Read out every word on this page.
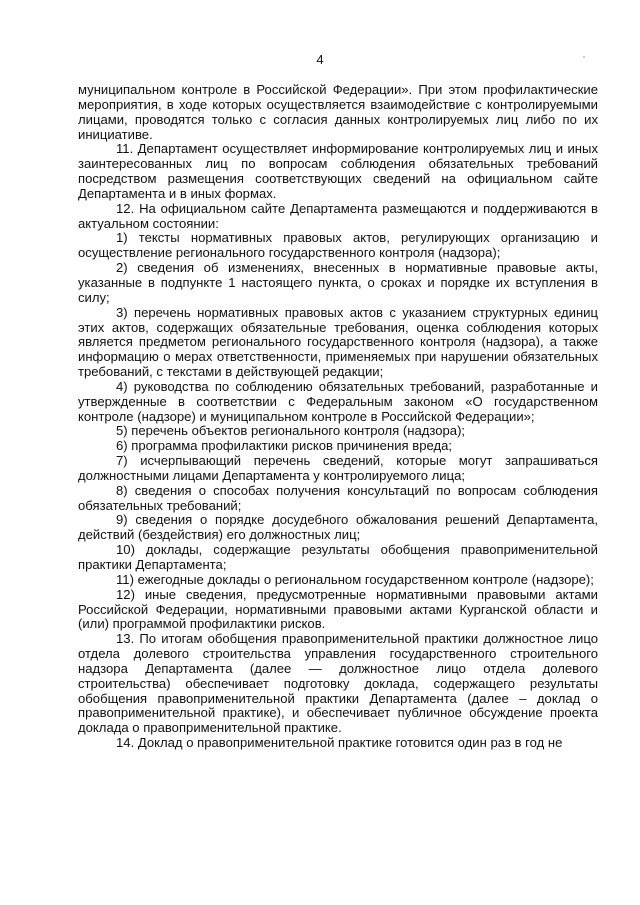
4

муниципальном контроле в Российской Федерации». При этом профилактические мероприятия, в ходе которых осуществляется взаимодействие с контролируемыми лицами, проводятся только с согласия данных контролируемых лиц либо по их инициативе.

11. Департамент осуществляет информирование контролируемых лиц и иных заинтересованных лиц по вопросам соблюдения обязательных требований посредством размещения соответствующих сведений на официальном сайте Департамента и в иных формах.

12. На официальном сайте Департамента размещаются и поддерживаются в актуальном состоянии:

1) тексты нормативных правовых актов, регулирующих организацию и осуществление регионального государственного контроля (надзора);

2) сведения об изменениях, внесенных в нормативные правовые акты, указанные в подпункте 1 настоящего пункта, о сроках и порядке их вступления в силу;

3) перечень нормативных правовых актов с указанием структурных единиц этих актов, содержащих обязательные требования, оценка соблюдения которых является предметом регионального государственного контроля (надзора), а также информацию о мерах ответственности, применяемых при нарушении обязательных требований, с текстами в действующей редакции;

4) руководства по соблюдению обязательных требований, разработанные и утвержденные в соответствии с Федеральным законом «О государственном контроле (надзоре) и муниципальном контроле в Российской Федерации»;

5) перечень объектов регионального контроля (надзора);

6) программа профилактики рисков причинения вреда;

7) исчерпывающий перечень сведений, которые могут запрашиваться должностными лицами Департамента у контролируемого лица;

8) сведения о способах получения консультаций по вопросам соблюдения обязательных требований;

9) сведения о порядке досудебного обжалования решений Департамента, действий (бездействия) его должностных лиц;

10) доклады, содержащие результаты обобщения правоприменительной практики Департамента;

11) ежегодные доклады о региональном государственном контроле (надзоре);

12) иные сведения, предусмотренные нормативными правовыми актами Российской Федерации, нормативными правовыми актами Курганской области и (или) программой профилактики рисков.

13. По итогам обобщения правоприменительной практики должностное лицо отдела долевого строительства управления государственного строительного надзора Департамента (далее — должностное лицо отдела долевого строительства) обеспечивает подготовку доклада, содержащего результаты обобщения правоприменительной практики Департамента (далее – доклад о правоприменительной практике), и обеспечивает публичное обсуждение проекта доклада о правоприменительной практике.

14. Доклад о правоприменительной практике готовится один раз в год не
